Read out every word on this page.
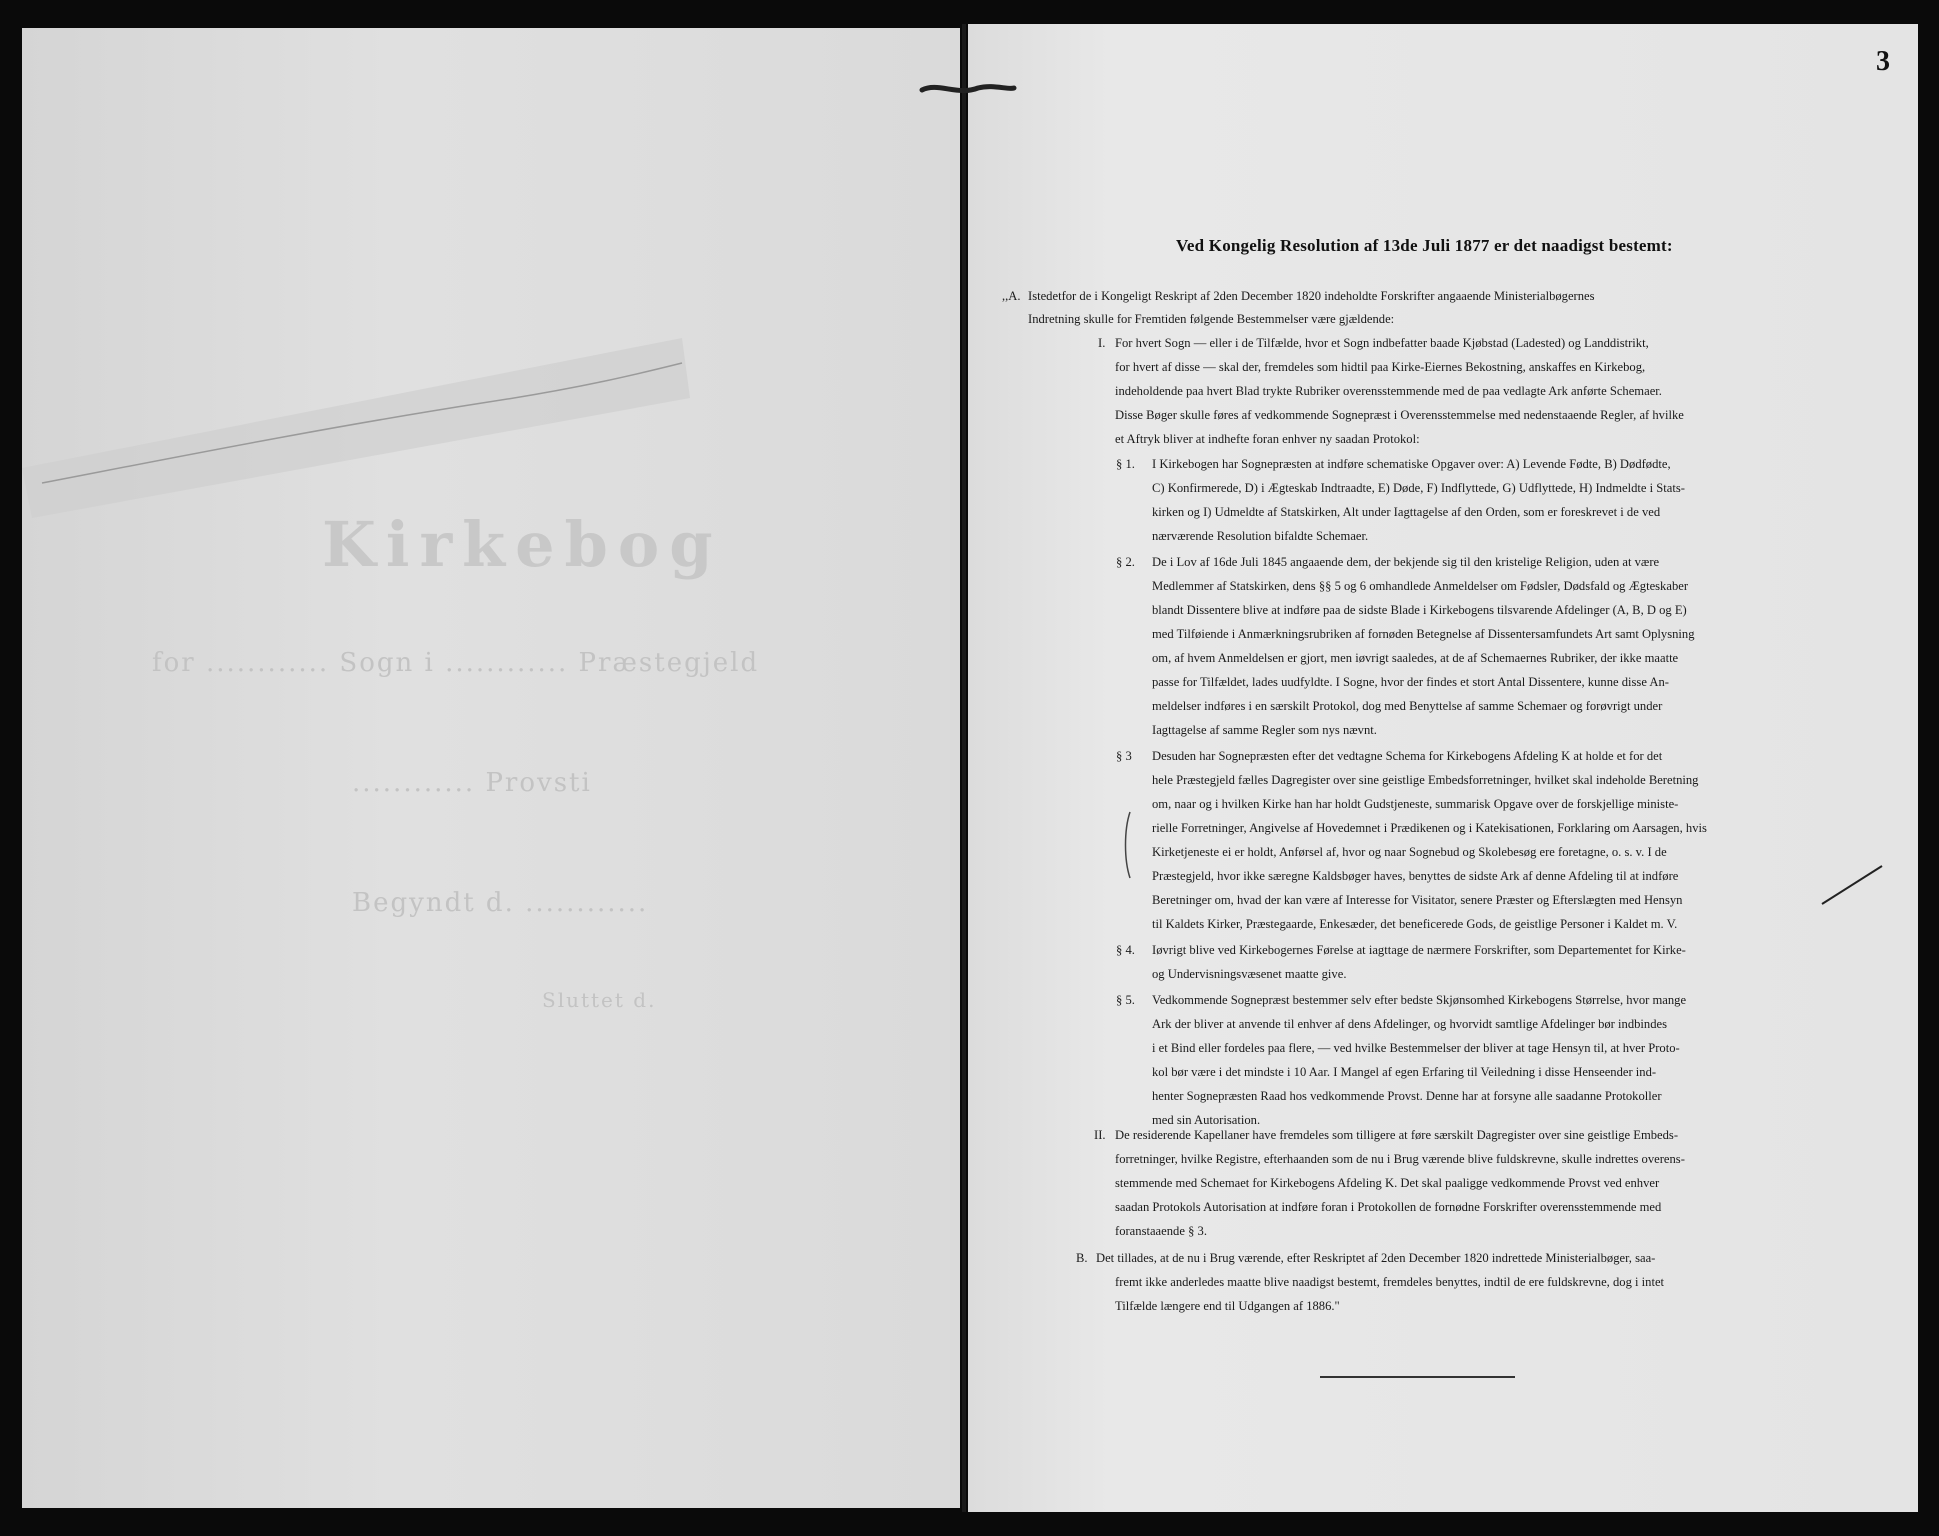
Kirkebog
for ............ Sogn i ............ Præstegjeld
............ Provsti
Begyndt d. ............
Sluttet d.
3
Ved Kongelig Resolution af 13de Juli 1877 er det naadigst bestemt:
,,A. Istedetfor de i Kongeligt Reskript af 2den December 1820 indeholdte Forskrifter angaaende Ministerialbøgernes
Indretning skulle for Fremtiden følgende Bestemmelser være gjældende:
I. For hvert Sogn — eller i de Tilfælde, hvor et Sogn indbefatter baade Kjøbstad (Ladested) og Landdistrikt,
for hvert af disse — skal der, fremdeles som hidtil paa Kirke-Eiernes Bekostning, anskaffes en Kirkebog,
indeholdende paa hvert Blad trykte Rubriker overensstemmende med de paa vedlagte Ark anførte Schemaer.
Disse Bøger skulle føres af vedkommende Sognepræst i Overensstemmelse med nedenstaaende Regler, af hvilke
et Aftryk bliver at indhefte foran enhver ny saadan Protokol:
§ 1. I Kirkebogen har Sognepræsten at indføre schematiske Opgaver over: A) Levende Fødte, B) Dødfødte,
C) Konfirmerede, D) i Ægteskab Indtraadte, E) Døde, F) Indflyttede, G) Udflyttede, H) Indmeldte i Stats-
kirken og I) Udmeldte af Statskirken, Alt under Iagttagelse af den Orden, som er foreskrevet i de ved
nærværende Resolution bifaldte Schemaer.
§ 2. De i Lov af 16de Juli 1845 angaaende dem, der bekjende sig til den kristelige Religion, uden at være
Medlemmer af Statskirken, dens §§ 5 og 6 omhandlede Anmeldelser om Fødsler, Dødsfald og Ægteskaber
blandt Dissentere blive at indføre paa de sidste Blade i Kirkebogens tilsvarende Afdelinger (A, B, D og E)
med Tilføiende i Anmærkningsrubriken af fornøden Betegnelse af Dissentersamfundets Art samt Oplysning
om, af hvem Anmeldelsen er gjort, men iøvrigt saaledes, at de af Schemaernes Rubriker, der ikke maatte
passe for Tilfældet, lades uudfyldte. I Sogne, hvor der findes et stort Antal Dissentere, kunne disse An-
meldelser indføres i en særskilt Protokol, dog med Benyttelse af samme Schemaer og forøvrigt under
Iagttagelse af samme Regler som nys nævnt.
§ 3 Desuden har Sognepræsten efter det vedtagne Schema for Kirkebogens Afdeling K at holde et for det
hele Præstegjeld fælles Dagregister over sine geistlige Embedsforretninger, hvilket skal indeholde Beretning
om, naar og i hvilken Kirke han har holdt Gudstjeneste, summarisk Opgave over de forskjellige ministe-
rielle Forretninger, Angivelse af Hovedemnet i Prædikenen og i Katekisationen, Forklaring om Aarsagen, hvis
Kirketjeneste ei er holdt, Anførsel af, hvor og naar Sognebud og Skolebesøg ere foretagne, o. s. v. I de
Præstegjeld, hvor ikke særegne Kaldsbøger haves, benyttes de sidste Ark af denne Afdeling til at indføre
Beretninger om, hvad der kan være af Interesse for Visitator, senere Præster og Efterslægten med Hensyn
til Kaldets Kirker, Præstegaarde, Enkesæder, det beneficerede Gods, de geistlige Personer i Kaldet m. V.
§ 4. Iøvrigt blive ved Kirkebogernes Førelse at iagttage de nærmere Forskrifter, som Departementet for Kirke-
og Undervisningsvæsenet maatte give.
§ 5. Vedkommende Sognepræst bestemmer selv efter bedste Skjønsomhed Kirkebogens Størrelse, hvor mange
Ark der bliver at anvende til enhver af dens Afdelinger, og hvorvidt samtlige Afdelinger bør indbindes
i et Bind eller fordeles paa flere, — ved hvilke Bestemmelser der bliver at tage Hensyn til, at hver Proto-
kol bør være i det mindste i 10 Aar. I Mangel af egen Erfaring til Veiledning i disse Henseender ind-
henter Sognepræsten Raad hos vedkommende Provst. Denne har at forsyne alle saadanne Protokoller
med sin Autorisation.
II. De residerende Kapellaner have fremdeles som tilligere at føre særskilt Dagregister over sine geistlige Embeds-
forretninger, hvilke Registre, efterhaanden som de nu i Brug værende blive fuldskrevne, skulle indrettes overens-
stemmende med Schemaet for Kirkebogens Afdeling K. Det skal paaligge vedkommende Provst ved enhver
saadan Protokols Autorisation at indføre foran i Protokollen de fornødne Forskrifter overensstemmende med
foranstaaende § 3.
B. Det tillades, at de nu i Brug værende, efter Reskriptet af 2den December 1820 indrettede Ministerialbøger, saa-
fremt ikke anderledes maatte blive naadigst bestemt, fremdeles benyttes, indtil de ere fuldskrevne, dog i intet
Tilfælde længere end til Udgangen af 1886."
